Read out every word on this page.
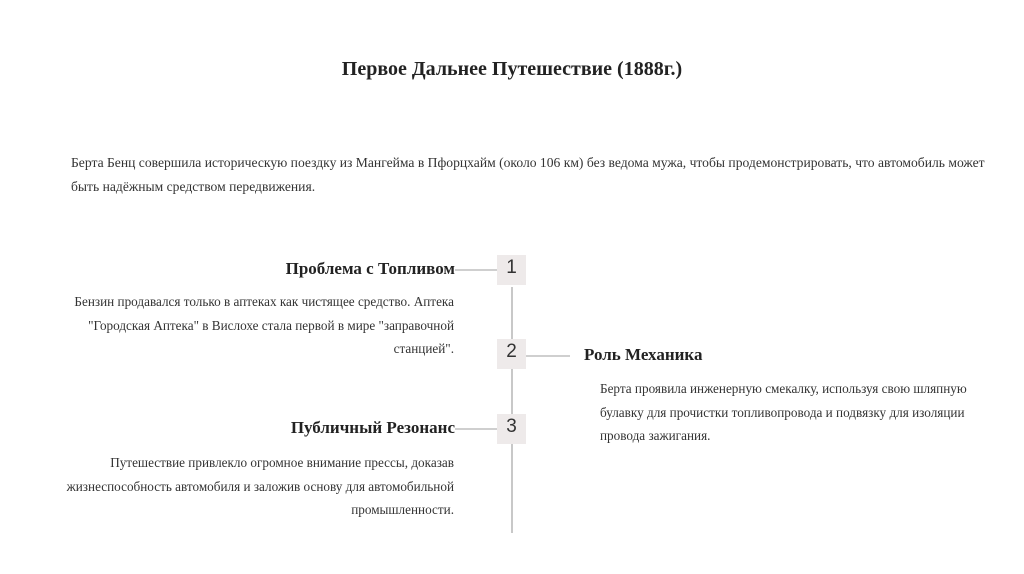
Первое Дальнее Путешествие (1888г.)
Берта Бенц совершила историческую поездку из Мангейма в Пфорцхайм (около 106 км) без ведома мужа, чтобы продемонстрировать, что автомобиль может быть надёжным средством передвижения.
1
Проблема с Топливом
Бензин продавался только в аптеках как чистящее средство. Аптека "Городская Аптека" в Вислохе стала первой в мире "заправочной станцией".	2	Роль Механика
Берта проявила инженерную смекалку, используя свою шляпную булавку для прочистки топливопровода и подвязку для изоляции провода зажигания.
3
Публичный Резонанс
Путешествие привлекло огромное внимание прессы, доказав жизнеспособность автомобиля и заложив основу для автомобильной промышленности.
